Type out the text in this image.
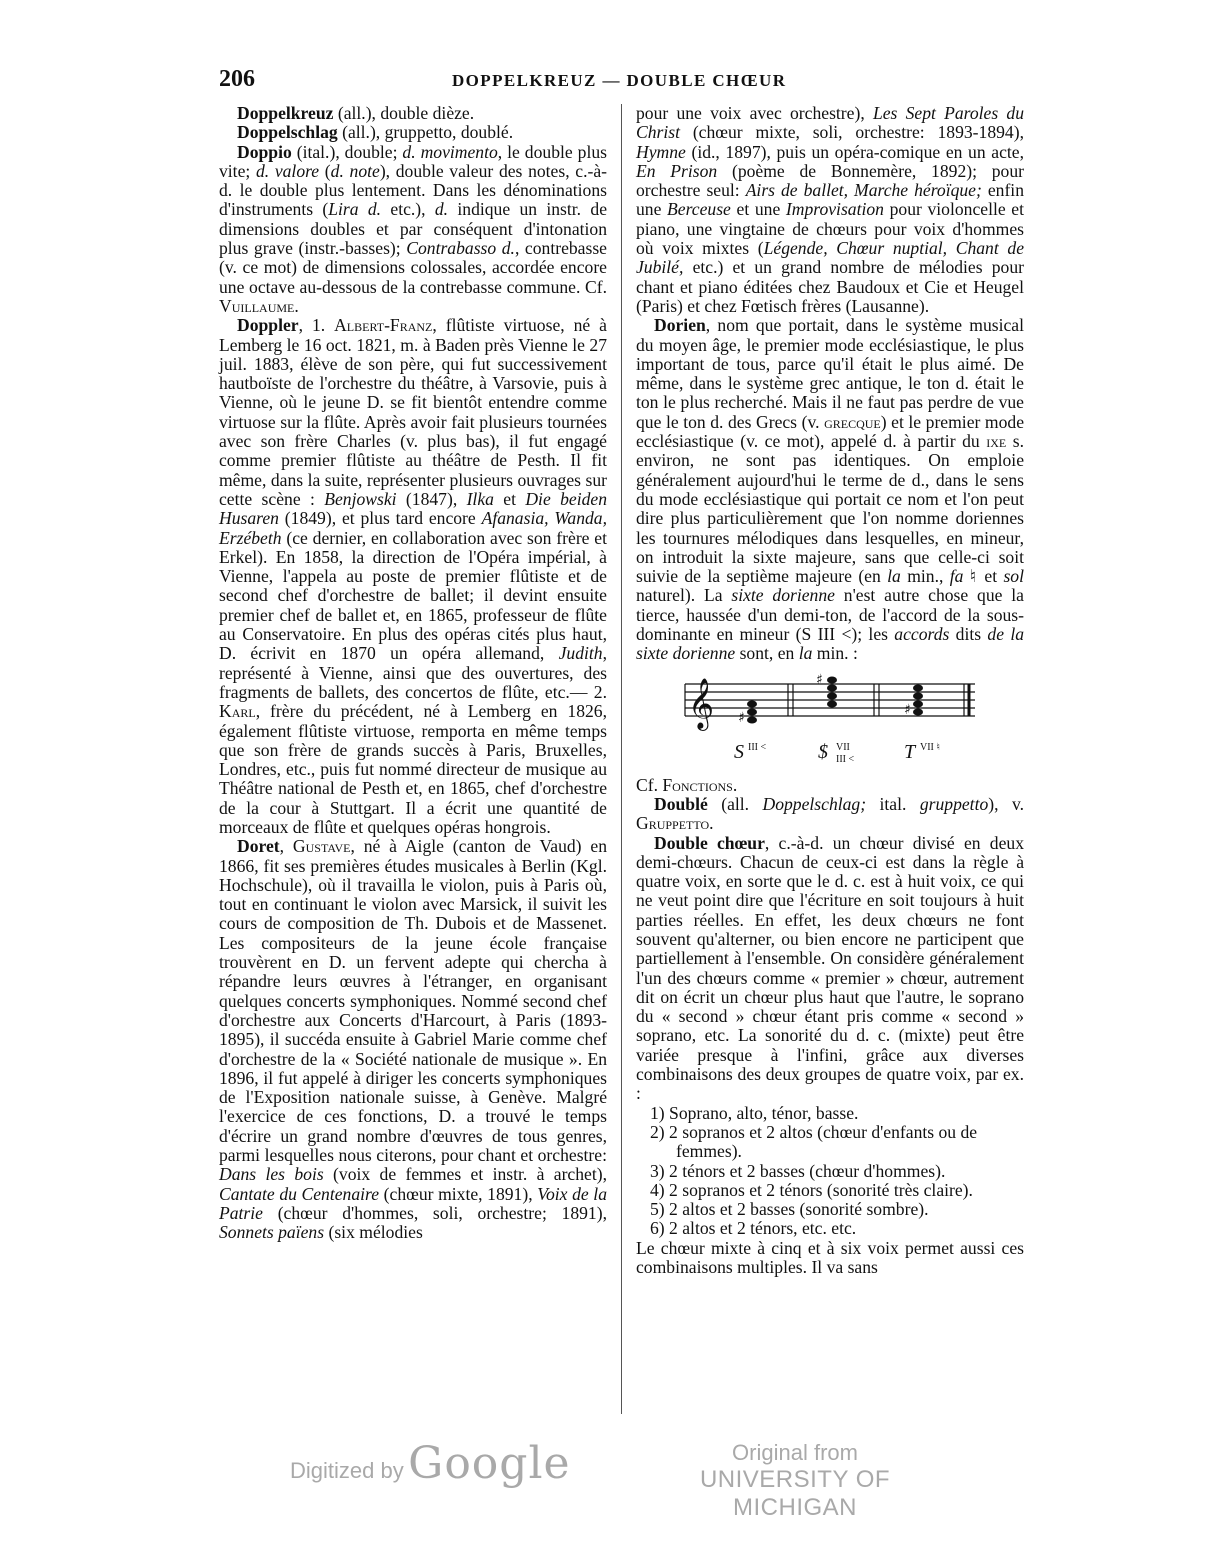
206	DOPPELKREUZ — DOUBLE CHŒUR

Doppelkreuz (all.), double dièze.

Doppelschlag (all.), gruppetto, doublé.

Doppio (ital.), double; d. movimento, le double plus vite; d. valore (d. note), double valeur des notes, c.-à-d. le double plus lentement. Dans les dénominations d'instruments (Lira d. etc.), d. indique un instr. de dimensions doubles et par conséquent d'intonation plus grave (instr.-basses); Contrabasso d., contrebasse (v. ce mot) de dimensions colossales, accordée encore une octave au-dessous de la contrebasse commune. Cf. Vuillaume.

Doppler, 1. Albert-Franz, flûtiste virtuose, né à Lemberg le 16 oct. 1821, m. à Baden près Vienne le 27 juil. 1883, élève de son père, qui fut successivement hautboïste de l'orchestre du théâtre, à Varsovie, puis à Vienne, où le jeune D. se fit bientôt entendre comme virtuose sur la flûte. Après avoir fait plusieurs tournées avec son frère Charles (v. plus bas), il fut engagé comme premier flûtiste au théâtre de Pesth. Il fit même, dans la suite, représenter plusieurs ouvrages sur cette scène : Benjowski (1847), Ilka et Die beiden Husaren (1849), et plus tard encore Afanasia, Wanda, Erzébeth (ce dernier, en collaboration avec son frère et Erkel). En 1858, la direction de l'Opéra impérial, à Vienne, l'appela au poste de premier flûtiste et de second chef d'orchestre de ballet; il devint ensuite premier chef de ballet et, en 1865, professeur de flûte au Conservatoire. En plus des opéras cités plus haut, D. écrivit en 1870 un opéra allemand, Judith, représenté à Vienne, ainsi que des ouvertures, des fragments de ballets, des concertos de flûte, etc.— 2. Karl, frère du précédent, né à Lemberg en 1826, également flûtiste virtuose, remporta en même temps que son frère de grands succès à Paris, Bruxelles, Londres, etc., puis fut nommé directeur de musique au Théâtre national de Pesth et, en 1865, chef d'orchestre de la cour à Stuttgart. Il a écrit une quantité de morceaux de flûte et quelques opéras hongrois.

Doret, Gustave, né à Aigle (canton de Vaud) en 1866, fit ses premières études musicales à Berlin (Kgl. Hochschule), où il travailla le violon, puis à Paris où, tout en continuant le violon avec Marsick, il suivit les cours de composition de Th. Dubois et de Massenet. Les compositeurs de la jeune école française trouvèrent en D. un fervent adepte qui chercha à répandre leurs œuvres à l'étranger, en organisant quelques concerts symphoniques. Nommé second chef d'orchestre aux Concerts d'Harcourt, à Paris (1893-1895), il succéda ensuite à Gabriel Marie comme chef d'orchestre de la « Société nationale de musique ». En 1896, il fut appelé à diriger les concerts symphoniques de l'Exposition nationale suisse, à Genève. Malgré l'exercice de ces fonctions, D. a trouvé le temps d'écrire un grand nombre d'œuvres de tous genres, parmi lesquelles nous citerons, pour chant et orchestre: Dans les bois (voix de femmes et instr. à archet), Cantate du Centenaire (chœur mixte, 1891), Voix de la Patrie (chœur d'hommes, soli, orchestre; 1891), Sonnets païens (six mélodies

pour une voix avec orchestre), Les Sept Paroles du Christ (chœur mixte, soli, orchestre: 1893-1894), Hymne (id., 1897), puis un opéra-comique en un acte, En Prison (poème de Bonnemère, 1892); pour orchestre seul: Airs de ballet, Marche héroïque; enfin une Berceuse et une Improvisation pour violoncelle et piano, une vingtaine de chœurs pour voix d'hommes où voix mixtes (Légende, Chœur nuptial, Chant de Jubilé, etc.) et un grand nombre de mélodies pour chant et piano éditées chez Baudoux et Cie et Heugel (Paris) et chez Fœtisch frères (Lausanne).

Dorien, nom que portait, dans le système musical du moyen âge, le premier mode ecclésiastique, le plus important de tous, parce qu'il était le plus aimé. De même, dans le système grec antique, le ton d. était le ton le plus recherché. Mais il ne faut pas perdre de vue que le ton d. des Grecs (v. grecque) et le premier mode ecclésiastique (v. ce mot), appelé d. à partir du ixe s. environ, ne sont pas identiques. On emploie généralement aujourd'hui le terme de d., dans le sens du mode ecclésiastique qui portait ce nom et l'on peut dire plus particulièrement que l'on nomme doriennes les tournures mélodiques dans lesquelles, en mineur, on introduit la sixte majeure, sans que celle-ci soit suivie de la septième majeure (en la min., fa ♮ et sol naturel). La sixte dorienne n'est autre chose que la tierce, haussée d'un demi-ton, de l'accord de la sous-dominante en mineur (S III <); les accords dits de la sixte dorienne sont, en la min. :

𝄞 ♯
♯
♯
S III <	$ VII
III < T VII ♮

Cf. Fonctions.

Doublé (all. Doppelschlag; ital. gruppetto), v. Gruppetto.

Double chœur, c.-à-d. un chœur divisé en deux demi-chœurs. Chacun de ceux-ci est dans la règle à quatre voix, en sorte que le d. c. est à huit voix, ce qui ne veut point dire que l'écriture en soit toujours à huit parties réelles. En effet, les deux chœurs ne font souvent qu'alterner, ou bien encore ne participent que partiellement à l'ensemble. On considère généralement l'un des chœurs comme « premier » chœur, autrement dit on écrit un chœur plus haut que l'autre, le soprano du « second » chœur étant pris comme « second » soprano, etc. La sonorité du d. c. (mixte) peut être variée presque à l'infini, grâce aux diverses combinaisons des deux groupes de quatre voix, par ex. :

1) Soprano, alto, ténor, basse.
2) 2 sopranos et 2 altos (chœur d'enfants ou de femmes).
3) 2 ténors et 2 basses (chœur d'hommes).
4) 2 sopranos et 2 ténors (sonorité très claire).
5) 2 altos et 2 basses (sonorité sombre).
6) 2 altos et 2 ténors, etc. etc.

Le chœur mixte à cinq et à six voix permet aussi ces combinaisons multiples. Il va sans

Digitized by Google	Original from
UNIVERSITY OF MICHIGAN
